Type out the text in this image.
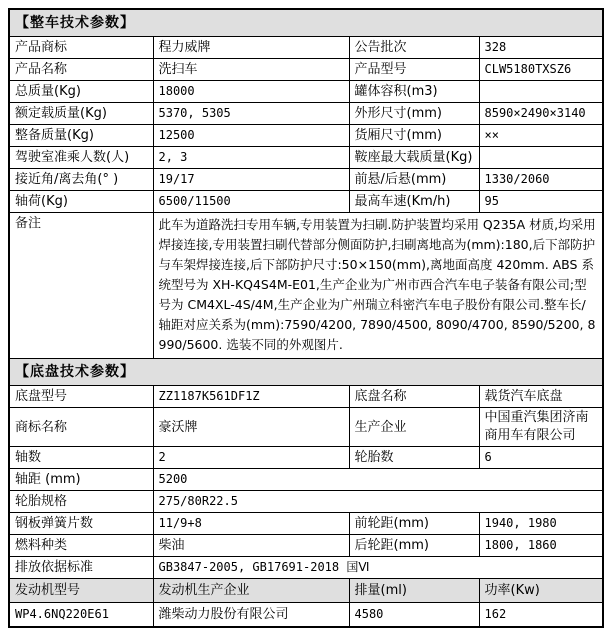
【整车技术参数】			
产品商标	程力威牌	公告批次	328
产品名称	洗扫车	产品型号	CLW5180TXSZ6
总质量(Kg)	18000	罐体容积(m3)	
额定载质量(Kg)	5370, 5305	外形尺寸(mm)	8590×2490×3140
整备质量(Kg)	12500	货厢尺寸(mm)	××
驾驶室准乘人数(人)	2, 3	鞍座最大载质量(Kg)	
接近角/离去角(° )	19/17	前悬/后悬(mm)	1330/2060
轴荷(Kg)	6500/11500	最高车速(Km/h)	95
备注	此车为道路洗扫专用车辆,专用装置为扫刷.防护装置均采用 Q235A 材质,均采用焊接连接,专用装置扫刷代替部分侧面防护,扫刷离地高为(mm):180,后下部防护与车架焊接连接,后下部防护尺寸:50×150(mm),离地面高度 420mm. ABS 系统型号为 XH-KQ4S4M-E01,生产企业为广州市西合汽车电子装备有限公司;型号为 CM4XL-4S/4M,生产企业为广州瑞立科密汽车电子股份有限公司.整车长/轴距对应关系为(mm):7590/4200, 7890/4500, 8090/4700, 8590/5200, 8990/5600. 选装不同的外观图片.		
【底盘技术参数】			
底盘型号	ZZ1187K561DF1Z	底盘名称	载货汽车底盘
商标名称	豪沃牌	生产企业	中国重汽集团济南商用车有限公司
轴数	2	轮胎数	6
轴距 (mm)	5200		
轮胎规格	275/80R22.5		
钢板弹簧片数	11/9+8	前轮距(mm)	1940, 1980
燃料种类	柴油	后轮距(mm)	1800, 1860
排放依据标准	GB3847-2005, GB17691-2018 国Ⅵ		
发动机型号	发动机生产企业	排量(ml)	功率(Kw)
WP4.6NQ220E61	潍柴动力股份有限公司	4580	162
